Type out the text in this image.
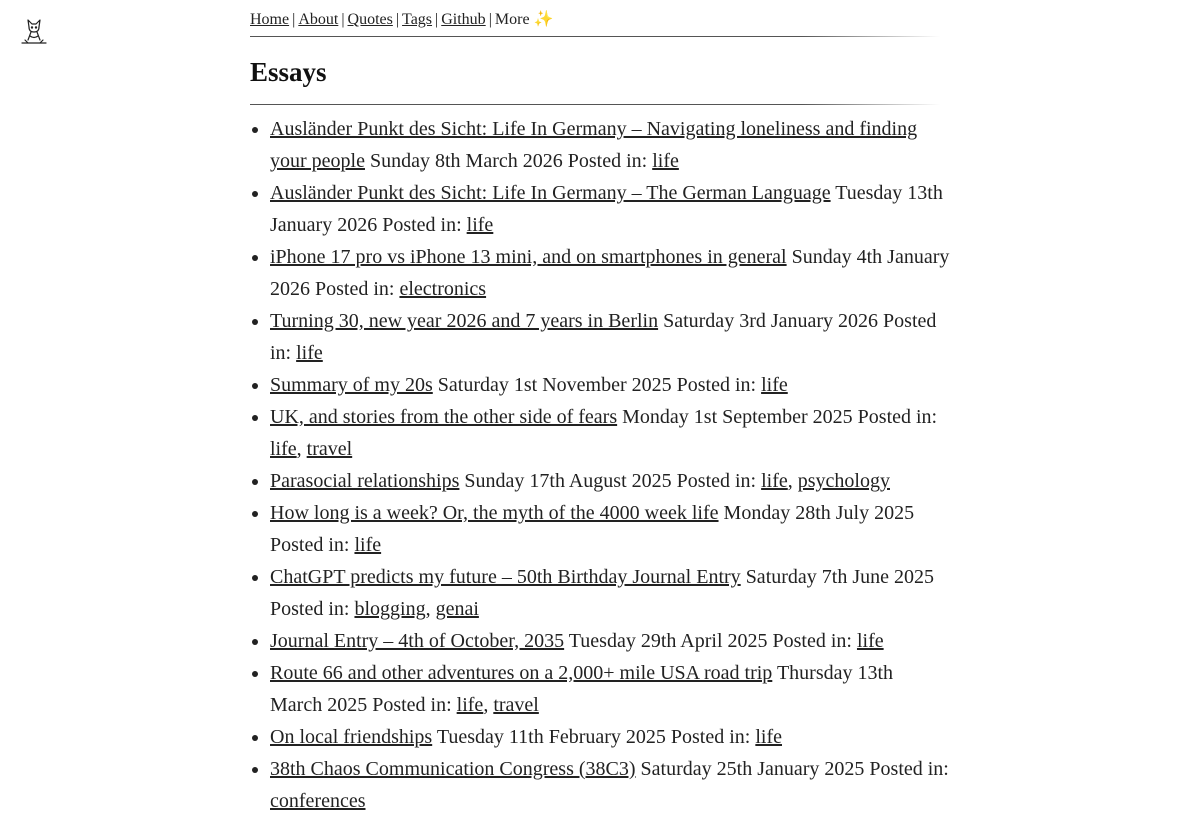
Home | About | Quotes | Tags | Github | More ✨
Essays
• Ausländer Punkt des Sicht: Life In Germany – Navigating loneliness and finding your people Sunday 8th March 2026 Posted in: life
• Ausländer Punkt des Sicht: Life In Germany – The German Language Tuesday 13th January 2026 Posted in: life
• iPhone 17 pro vs iPhone 13 mini, and on smartphones in general Sunday 4th January 2026 Posted in: electronics
• Turning 30, new year 2026 and 7 years in Berlin Saturday 3rd January 2026 Posted in: life
• Summary of my 20s Saturday 1st November 2025 Posted in: life
• UK, and stories from the other side of fears Monday 1st September 2025 Posted in: life, travel
• Parasocial relationships Sunday 17th August 2025 Posted in: life, psychology
• How long is a week? Or, the myth of the 4000 week life Monday 28th July 2025 Posted in: life
• ChatGPT predicts my future – 50th Birthday Journal Entry Saturday 7th June 2025 Posted in: blogging, genai
• Journal Entry – 4th of October, 2035 Tuesday 29th April 2025 Posted in: life
• Route 66 and other adventures on a 2,000+ mile USA road trip Thursday 13th March 2025 Posted in: life, travel
• On local friendships Tuesday 11th February 2025 Posted in: life
• 38th Chaos Communication Congress (38C3) Saturday 25th January 2025 Posted in: conferences
